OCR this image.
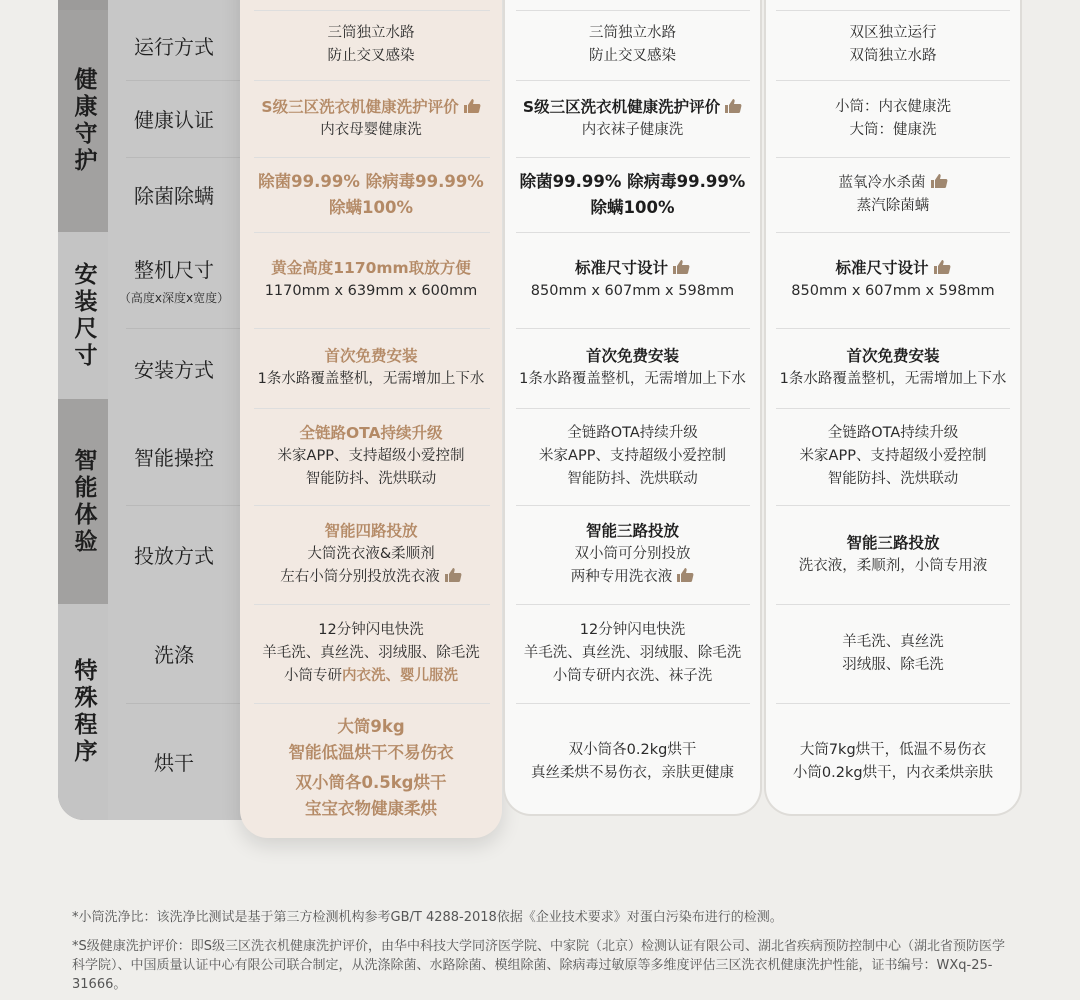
健康守护
安装尺寸
智能体验
特殊程序
运行方式
健康认证
除菌除螨
整机尺寸
（高度x深度x宽度）
安装方式
智能操控
投放方式
洗涤
烘干
三筒独立水路
防止交叉感染
S级三区洗衣机健康洗护评价
内衣母婴健康洗
除菌99.99% 除病毒99.99%
除螨100%
黄金高度1170mm取放方便
1170mm x 639mm x 600mm
首次免费安装
1条水路覆盖整机，无需增加上下水
全链路OTA持续升级
米家APP、支持超级小爱控制
智能防抖、洗烘联动
智能四路投放
大筒洗衣液&柔顺剂
左右小筒分别投放洗衣液
12分钟闪电快洗
羊毛洗、真丝洗、羽绒服、除毛洗
小筒专研内衣洗、婴儿服洗
大筒9kg
智能低温烘干不易伤衣
双小筒各0.5kg烘干
宝宝衣物健康柔烘
三筒独立水路
防止交叉感染
S级三区洗衣机健康洗护评价
内衣袜子健康洗
除菌99.99% 除病毒99.99%
除螨100%
标准尺寸设计
850mm x 607mm x 598mm
首次免费安装
1条水路覆盖整机，无需增加上下水
全链路OTA持续升级
米家APP、支持超级小爱控制
智能防抖、洗烘联动
智能三路投放
双小筒可分别投放
两种专用洗衣液
12分钟闪电快洗
羊毛洗、真丝洗、羽绒服、除毛洗
小筒专研内衣洗、袜子洗
双小筒各0.2kg烘干
真丝柔烘不易伤衣，亲肤更健康
双区独立运行
双筒独立水路
小筒：内衣健康洗
大筒：健康洗
蓝氧冷水杀菌
蒸汽除菌螨
标准尺寸设计
850mm x 607mm x 598mm
首次免费安装
1条水路覆盖整机，无需增加上下水
全链路OTA持续升级
米家APP、支持超级小爱控制
智能防抖、洗烘联动
智能三路投放
洗衣液，柔顺剂，小筒专用液
羊毛洗、真丝洗
羽绒服、除毛洗
大筒7kg烘干，低温不易伤衣
小筒0.2kg烘干，内衣柔烘亲肤
*小筒洗净比：该洗净比测试是基于第三方检测机构参考GB/T 4288-2018依据《企业技术要求》对蛋白污染布进行的检测。
*S级健康洗护评价：即S级三区洗衣机健康洗护评价，由华中科技大学同济医学院、中家院（北京）检测认证有限公司、湖北省疾病预防控制中心（湖北省预防医学科学院）、中国质量认证中心有限公司联合制定，从洗涤除菌、水路除菌、模组除菌、除病毒过敏原等多维度评估三区洗衣机健康洗护性能，证书编号：WXq-25-31666。
